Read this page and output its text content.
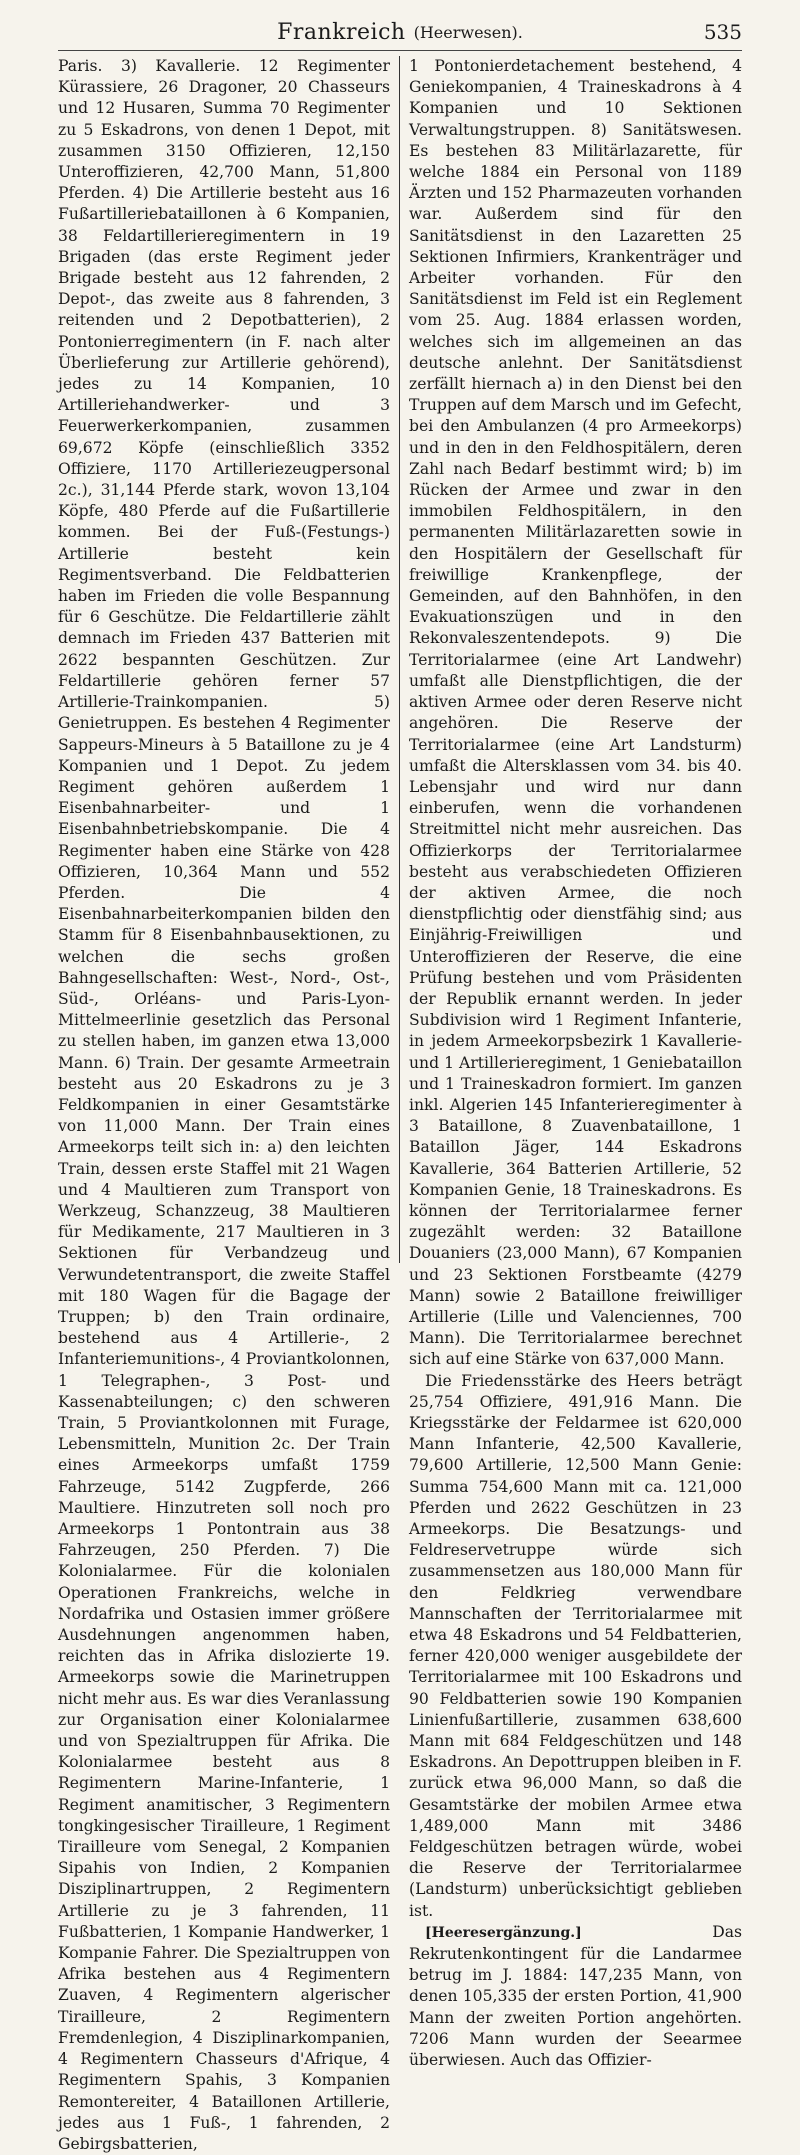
Frankreich (Heerwesen).	535

Paris. 3) Kavallerie. 12 Regimenter Kürassiere, 26 Dragoner, 20 Chasseurs und 12 Husaren, Summa 70 Regimenter zu 5 Eskadrons, von denen 1 Depot, mit zusammen 3150 Offizieren, 12,150 Unteroffizieren, 42,700 Mann, 51,800 Pferden. 4) Die Artillerie besteht aus 16 Fußartilleriebataillonen à 6 Kompanien, 38 Feldartillerieregimentern in 19 Brigaden (das erste Regiment jeder Brigade besteht aus 12 fahrenden, 2 Depot-, das zweite aus 8 fahrenden, 3 reitenden und 2 Depotbatterien), 2 Pontonierregimentern (in F. nach alter Überlieferung zur Artillerie gehörend), jedes zu 14 Kompanien, 10 Artilleriehandwerker- und 3 Feuerwerkerkompanien, zusammen 69,672 Köpfe (einschließlich 3352 Offiziere, 1170 Artilleriezeugpersonal 2c.), 31,144 Pferde stark, wovon 13,104 Köpfe, 480 Pferde auf die Fußartillerie kommen. Bei der Fuß-(Festungs-) Artillerie besteht kein Regimentsverband. Die Feldbatterien haben im Frieden die volle Bespannung für 6 Geschütze. Die Feldartillerie zählt demnach im Frieden 437 Batterien mit 2622 bespannten Geschützen. Zur Feldartillerie gehören ferner 57 Artillerie-Trainkompanien. 5) Genietruppen. Es bestehen 4 Regimenter Sappeurs-Mineurs à 5 Bataillone zu je 4 Kompanien und 1 Depot. Zu jedem Regiment gehören außerdem 1 Eisenbahnarbeiter- und 1 Eisenbahnbetriebskompanie. Die 4 Regimenter haben eine Stärke von 428 Offizieren, 10,364 Mann und 552 Pferden. Die 4 Eisenbahnarbeiterkompanien bilden den Stamm für 8 Eisenbahnbausektionen, zu welchen die sechs großen Bahngesellschaften: West-, Nord-, Ost-, Süd-, Orléans- und Paris-Lyon-Mittelmeerlinie gesetzlich das Personal zu stellen haben, im ganzen etwa 13,000 Mann. 6) Train. Der gesamte Armeetrain besteht aus 20 Eskadrons zu je 3 Feldkompanien in einer Gesamtstärke von 11,000 Mann. Der Train eines Armeekorps teilt sich in: a) den leichten Train, dessen erste Staffel mit 21 Wagen und 4 Maultieren zum Transport von Werkzeug, Schanzzeug, 38 Maultieren für Medikamente, 217 Maultieren in 3 Sektionen für Verbandzeug und Verwundetentransport, die zweite Staffel mit 180 Wagen für die Bagage der Truppen; b) den Train ordinaire, bestehend aus 4 Artillerie-, 2 Infanteriemunitions-, 4 Proviantkolonnen, 1 Telegraphen-, 3 Post- und Kassenabteilungen; c) den schweren Train, 5 Proviantkolonnen mit Furage, Lebensmitteln, Munition 2c. Der Train eines Armeekorps umfaßt 1759 Fahrzeuge, 5142 Zugpferde, 266 Maultiere. Hinzutreten soll noch pro Armeekorps 1 Pontontrain aus 38 Fahrzeugen, 250 Pferden. 7) Die Kolonialarmee. Für die kolonialen Operationen Frankreichs, welche in Nordafrika und Ostasien immer größere Ausdehnungen angenommen haben, reichten das in Afrika dislozierte 19. Armeekorps sowie die Marinetruppen nicht mehr aus. Es war dies Veranlassung zur Organisation einer Kolonialarmee und von Spezialtruppen für Afrika. Die Kolonialarmee besteht aus 8 Regimentern Marine-Infanterie, 1 Regiment anamitischer, 3 Regimentern tongkingesischer Tirailleure, 1 Regiment Tirailleure vom Senegal, 2 Kompanien Sipahis von Indien, 2 Kompanien Disziplinartruppen, 2 Regimentern Artillerie zu je 3 fahrenden, 11 Fußbatterien, 1 Kompanie Handwerker, 1 Kompanie Fahrer. Die Spezialtruppen von Afrika bestehen aus 4 Regimentern Zuaven, 4 Regimentern algerischer Tirailleure, 2 Regimentern Fremdenlegion, 4 Disziplinarkompanien, 4 Regimentern Chasseurs d'Afrique, 4 Regimentern Spahis, 3 Kompanien Remontereiter, 4 Bataillonen Artillerie, jedes aus 1 Fuß-, 1 fahrenden, 2 Gebirgsbatterien,

1 Pontonierdetachement bestehend, 4 Geniekompanien, 4 Traineskadrons à 4 Kompanien und 10 Sektionen Verwaltungstruppen. 8) Sanitätswesen. Es bestehen 83 Militärlazarette, für welche 1884 ein Personal von 1189 Ärzten und 152 Pharmazeuten vorhanden war. Außerdem sind für den Sanitätsdienst in den Lazaretten 25 Sektionen Infirmiers, Krankenträger und Arbeiter vorhanden. Für den Sanitätsdienst im Feld ist ein Reglement vom 25. Aug. 1884 erlassen worden, welches sich im allgemeinen an das deutsche anlehnt. Der Sanitätsdienst zerfällt hiernach a) in den Dienst bei den Truppen auf dem Marsch und im Gefecht, bei den Ambulanzen (4 pro Armeekorps) und in den in den Feldhospitälern, deren Zahl nach Bedarf bestimmt wird; b) im Rücken der Armee und zwar in den immobilen Feldhospitälern, in den permanenten Militärlazaretten sowie in den Hospitälern der Gesellschaft für freiwillige Krankenpflege, der Gemeinden, auf den Bahnhöfen, in den Evakuationszügen und in den Rekonvaleszentendepots. 9) Die Territorialarmee (eine Art Landwehr) umfaßt alle Dienstpflichtigen, die der aktiven Armee oder deren Reserve nicht angehören. Die Reserve der Territorialarmee (eine Art Landsturm) umfaßt die Altersklassen vom 34. bis 40. Lebensjahr und wird nur dann einberufen, wenn die vorhandenen Streitmittel nicht mehr ausreichen. Das Offizierkorps der Territorialarmee besteht aus verabschiedeten Offizieren der aktiven Armee, die noch dienstpflichtig oder dienstfähig sind; aus Einjährig-Freiwilligen und Unteroffizieren der Reserve, die eine Prüfung bestehen und vom Präsidenten der Republik ernannt werden. In jeder Subdivision wird 1 Regiment Infanterie, in jedem Armeekorpsbezirk 1 Kavallerie- und 1 Artillerieregiment, 1 Geniebataillon und 1 Traineskadron formiert. Im ganzen inkl. Algerien 145 Infanterieregimenter à 3 Bataillone, 8 Zuavenbataillone, 1 Bataillon Jäger, 144 Eskadrons Kavallerie, 364 Batterien Artillerie, 52 Kompanien Genie, 18 Traineskadrons. Es können der Territorialarmee ferner zugezählt werden: 32 Bataillone Douaniers (23,000 Mann), 67 Kompanien und 23 Sektionen Forstbeamte (4279 Mann) sowie 2 Bataillone freiwilliger Artillerie (Lille und Valenciennes, 700 Mann). Die Territorialarmee berechnet sich auf eine Stärke von 637,000 Mann.

Die Friedensstärke des Heers beträgt 25,754 Offiziere, 491,916 Mann. Die Kriegsstärke der Feldarmee ist 620,000 Mann Infanterie, 42,500 Kavallerie, 79,600 Artillerie, 12,500 Mann Genie: Summa 754,600 Mann mit ca. 121,000 Pferden und 2622 Geschützen in 23 Armeekorps. Die Besatzungs- und Feldreservetruppe würde sich zusammensetzen aus 180,000 Mann für den Feldkrieg verwendbare Mannschaften der Territorialarmee mit etwa 48 Eskadrons und 54 Feldbatterien, ferner 420,000 weniger ausgebildete der Territorialarmee mit 100 Eskadrons und 90 Feldbatterien sowie 190 Kompanien Linienfußartillerie, zusammen 638,600 Mann mit 684 Feldgeschützen und 148 Eskadrons. An Depottruppen bleiben in F. zurück etwa 96,000 Mann, so daß die Gesamtstärke der mobilen Armee etwa 1,489,000 Mann mit 3486 Feldgeschützen betragen würde, wobei die Reserve der Territorialarmee (Landsturm) unberücksichtigt geblieben ist.

[Heeresergänzung.]	Das Rekrutenkontingent für die Landarmee betrug im J. 1884: 147,235 Mann, von denen 105,335 der ersten Portion, 41,900 Mann der zweiten Portion angehörten. 7206 Mann wurden der Seearmee überwiesen. Auch das Offizier-
